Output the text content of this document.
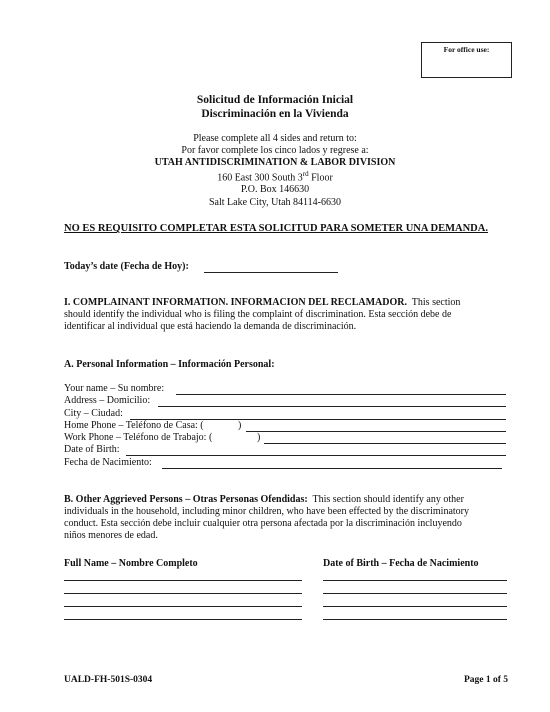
For office use:
Solicitud de Información Inicial
Discriminación en la Vivienda
Please complete all 4 sides and return to:
Por favor complete los cinco lados y regrese a:
UTAH ANTIDISCRIMINATION & LABOR DIVISION
160 East 300 South 3rd Floor
P.O. Box 146630
Salt Lake City, Utah 84114-6630
NO ES REQUISITO COMPLETAR ESTA SOLICITUD PARA SOMETER UNA DEMANDA.
Today’s date (Fecha de Hoy):
I. COMPLAINANT INFORMATION. INFORMACION DEL RECLAMADOR. This section
should identify the individual who is filing the complaint of discrimination. Esta sección debe de
identificar al individual que está haciendo la demanda de discriminación.
A. Personal Information – Información Personal:
Your name – Su nombre:
Address – Domicilio:
City – Ciudad:
Home Phone – Teléfono de Casa: (	)
Work Phone – Teléfono de Trabajo: (	)
Date of Birth:
Fecha de Nacimiento:
B. Other Aggrieved Persons – Otras Personas Ofendidas: This section should identify any other
individuals in the household, including minor children, who have been effected by the discriminatory
conduct. Esta sección debe incluir cualquier otra persona afectada por la discriminación incluyendo
niños menores de edad.
Full Name – Nombre Completo	Date of Birth – Fecha de Nacimiento
UALD-FH-501S-0304	Page 1 of 5
